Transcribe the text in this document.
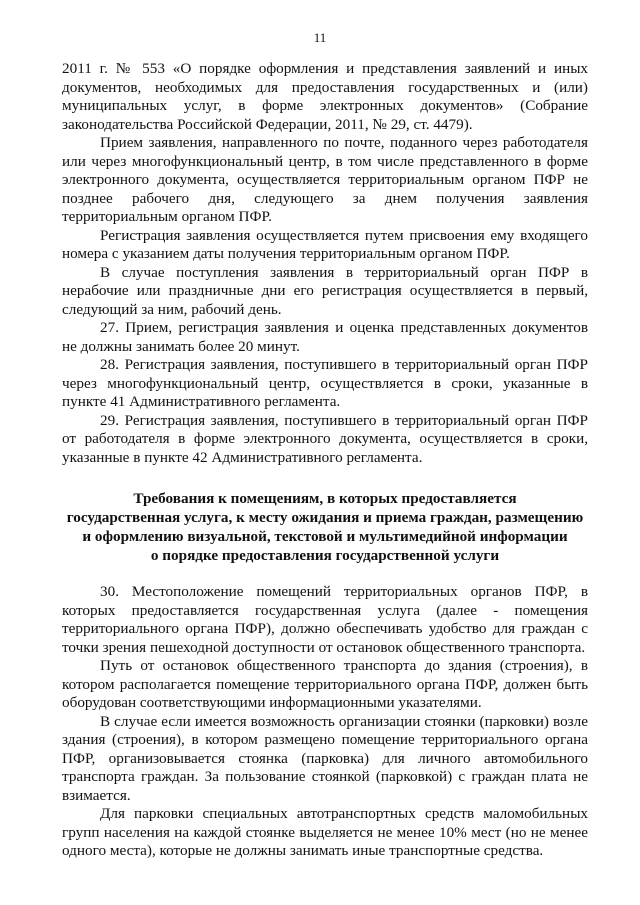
11

2011 г. № 553 «О порядке оформления и представления заявлений и иных документов, необходимых для предоставления государственных и (или) муниципальных услуг, в форме электронных документов» (Собрание законодательства Российской Федерации, 2011, № 29, ст. 4479).

Прием заявления, направленного по почте, поданного через работодателя или через многофункциональный центр, в том числе представленного в форме электронного документа, осуществляется территориальным органом ПФР не позднее рабочего дня, следующего за днем получения заявления территориальным органом ПФР.

Регистрация заявления осуществляется путем присвоения ему входящего номера с указанием даты получения территориальным органом ПФР.

В случае поступления заявления в территориальный орган ПФР в нерабочие или праздничные дни его регистрация осуществляется в первый, следующий за ним, рабочий день.

27. Прием, регистрация заявления и оценка представленных документов не должны занимать более 20 минут.

28. Регистрация заявления, поступившего в территориальный орган ПФР через многофункциональный центр, осуществляется в сроки, указанные в пункте 41 Административного регламента.

29. Регистрация заявления, поступившего в территориальный орган ПФР от работодателя в форме электронного документа, осуществляется в сроки, указанные в пункте 42 Административного регламента.

Требования к помещениям, в которых предоставляется
государственная услуга, к месту ожидания и приема граждан, размещению
и оформлению визуальной, текстовой и мультимедийной информации
о порядке предоставления государственной услуги

30. Местоположение помещений территориальных органов ПФР, в которых предоставляется государственная услуга (далее - помещения территориального органа ПФР), должно обеспечивать удобство для граждан с точки зрения пешеходной доступности от остановок общественного транспорта.

Путь от остановок общественного транспорта до здания (строения), в котором располагается помещение территориального органа ПФР, должен быть оборудован соответствующими информационными указателями.

В случае если имеется возможность организации стоянки (парковки) возле здания (строения), в котором размещено помещение территориального органа ПФР, организовывается стоянка (парковка) для личного автомобильного транспорта граждан. За пользование стоянкой (парковкой) с граждан плата не взимается.

Для парковки специальных автотранспортных средств маломобильных групп населения на каждой стоянке выделяется не менее 10% мест (но не менее одного места), которые не должны занимать иные транспортные средства.
